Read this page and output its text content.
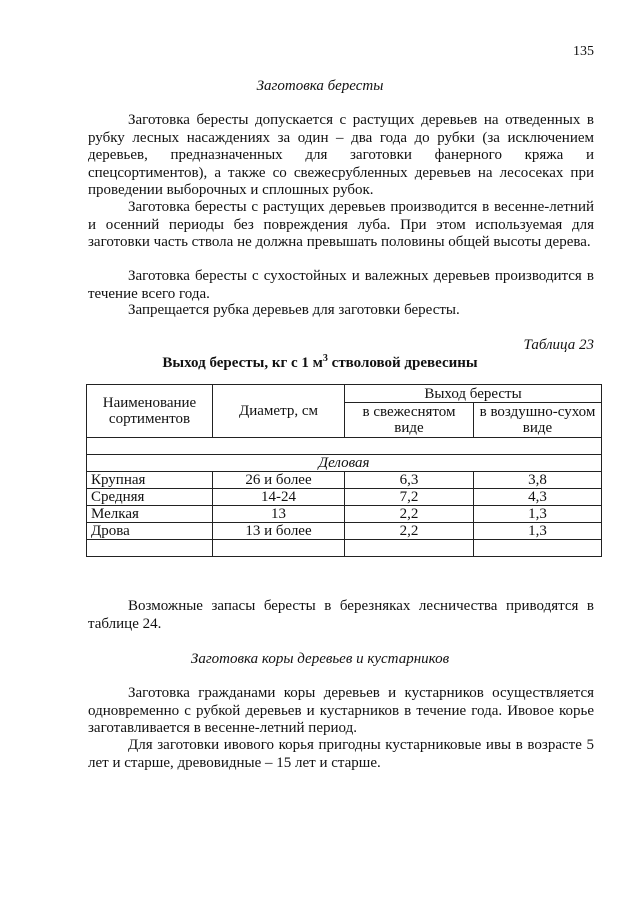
135
Заготовка бересты

Заготовка бересты допускается с растущих деревьев на отведенных в рубку лесных насаждениях за один – два года до рубки (за исключением деревьев, предназначенных для заготовки фанерного кряжа и спецсортиментов), а также со свежесрубленных деревьев на лесосеках при проведении выборочных и сплошных рубок.

Заготовка бересты с растущих деревьев производится в весенне-летний и осенний периоды без повреждения луба. При этом используемая для заготовки часть ствола не должна превышать половины общей высоты дерева.

Заготовка бересты с сухостойных и валежных деревьев производится в течение всего года.

Запрещается рубка деревьев для заготовки бересты.

Таблица 23
Выход бересты, кг с 1 $м^3$ стволовой древесины
Наименование сортиментов	Диаметр, см	Выход бересты	
		в свежеснятом виде	в воздушно-сухом виде

Деловая			
Крупная	26 и более	6,3	3,8
Средняя	14-24	7,2	4,3
Мелкая	13	2,2	1,3
Дрова	13 и более	2,2	1,3

Возможные запасы бересты в березняках лесничества приводятся в таблице 24.

Заготовка коры деревьев и кустарников

Заготовка гражданами коры деревьев и кустарников осуществляется одновременно с рубкой деревьев и кустарников в течение года. Ивовое корье заготавливается в весенне-летний период.

Для заготовки ивового корья пригодны кустарниковые ивы в возрасте 5 лет и старше, древовидные – 15 лет и старше.
